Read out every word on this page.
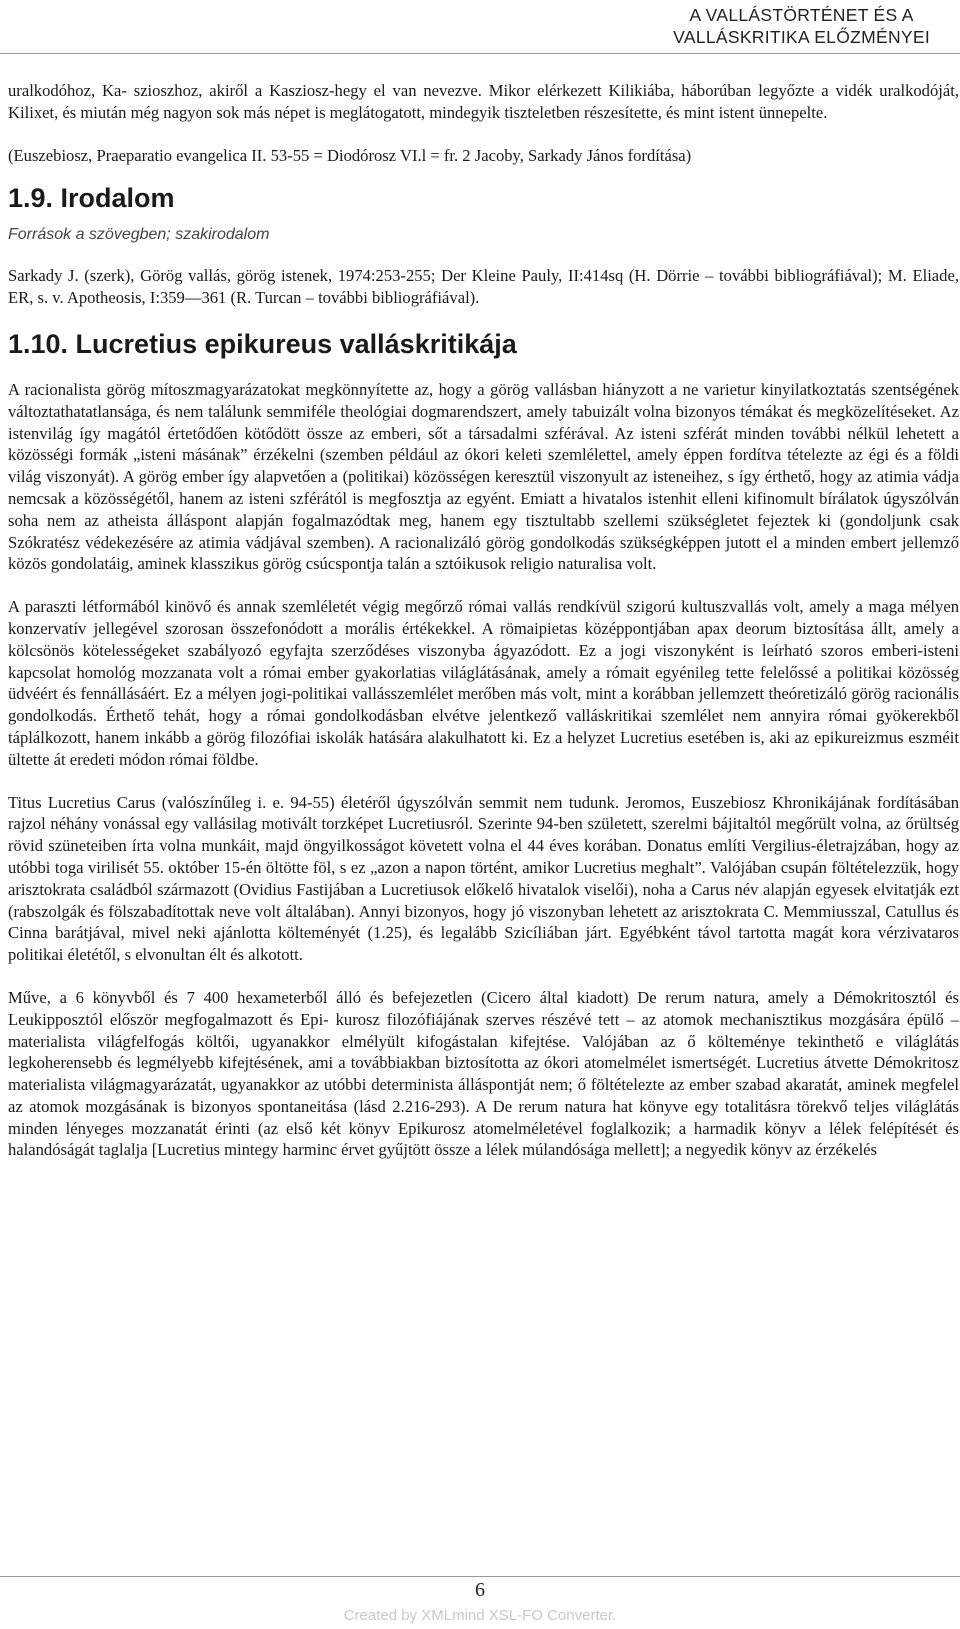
A VALLÁSTÖRTÉNET ÉS A
VALLÁSKRITIKA ELŐZMÉNYEI

uralkodóhoz, Ka- szioszhoz, akiről a Kasziosz-hegy el van nevezve. Mikor elérkezett Kilikiába, háborúban legyőzte a vidék uralkodóját, Kilixet, és miután még nagyon sok más népet is meglátogatott, mindegyik tiszteletben részesítette, és mint istent ünnepelte.

(Euszebiosz, Praeparatio evangelica II. 53-55 = Diodórosz VI.l = fr. 2 Jacoby, Sarkady János fordítása)

1.9. Irodalom
Források a szövegben; szakirodalom

Sarkady J. (szerk), Görög vallás, görög istenek, 1974:253-255; Der Kleine Pauly, II:414sq (H. Dörrie – további bibliográfiával); M. Eliade, ER, s. v. Apotheosis, I:359—361 (R. Turcan – további bibliográfiával).

1.10. Lucretius epikureus valláskritikája

A racionalista görög mítoszmagyarázatokat megkönnyítette az, hogy a görög vallásban hiányzott a ne varietur kinyilatkoztatás szentségének változtathatatlansága, és nem találunk semmiféle theológiai dogmarendszert, amely tabuizált volna bizonyos témákat és megközelítéseket. Az istenvilág így magától értetődően kötődött össze az emberi, sőt a társadalmi szférával. Az isteni szférát minden további nélkül lehetett a közösségi formák „isteni másának” érzékelni (szemben például az ókori keleti szemlélettel, amely éppen fordítva tételezte az égi és a földi világ viszonyát). A görög ember így alapvetően a (politikai) közösségen keresztül viszonyult az isteneihez, s így érthető, hogy az atimia vádja nemcsak a közösségétől, hanem az isteni szférától is megfosztja az egyént. Emiatt a hivatalos istenhit elleni kifinomult bírálatok úgyszólván soha nem az atheista álláspont alapján fogalmazódtak meg, hanem egy tisztultabb szellemi szükségletet fejeztek ki (gondoljunk csak Szókratész védekezésére az atimia vádjával szemben). A racionalizáló görög gondolkodás szükségképpen jutott el a minden embert jellemző közös gondolatáig, aminek klasszikus görög csúcspontja talán a sztóikusok religio naturalisa volt.

A paraszti létformából kinövő és annak szemléletét végig megőrző római vallás rendkívül szigorú kultuszvallás volt, amely a maga mélyen konzervatív jellegével szorosan összefonódott a morális értékekkel. A römaipietas középpontjában apax deorum biztosítása állt, amely a kölcsönös kötelességeket szabályozó egyfajta szerződéses viszonyba ágyazódott. Ez a jogi viszonyként is leírható szoros emberi-isteni kapcsolat homológ mozzanata volt a római ember gyakorlatias világlátásának, amely a rómait egyénileg tette felelőssé a politikai közösség üdvéért és fennállásáért. Ez a mélyen jogi-politikai vallásszemlélet merőben más volt, mint a korábban jellemzett theóretizáló görög racionális gondolkodás. Érthető tehát, hogy a római gondolkodásban elvétve jelentkező valláskritikai szemlélet nem annyira római gyökerekből táplálkozott, hanem inkább a görög filozófiai iskolák hatására alakulhatott ki. Ez a helyzet Lucretius esetében is, aki az epikureizmus eszméit ültette át eredeti módon római földbe.

Titus Lucretius Carus (valószínűleg i. e. 94-55) életéről úgyszólván semmit nem tudunk. Jeromos, Euszebiosz Khronikájának fordításában rajzol néhány vonással egy vallásilag motivált torzképet Lucretiusról. Szerinte 94-ben született, szerelmi bájitaltól megőrült volna, az őrültség rövid szüneteiben írta volna munkáit, majd öngyilkosságot követett volna el 44 éves korában. Donatus említi Vergilius-életrajzában, hogy az utóbbi toga virilisét 55. október 15-én öltötte föl, s ez „azon a napon történt, amikor Lucretius meghalt”. Valójában csupán föltételezzük, hogy arisztokrata családból származott (Ovidius Fastijában a Lucretiusok előkelő hivatalok viselői), noha a Carus név alapján egyesek elvitatják ezt (rabszolgák és fölszabadítottak neve volt általában). Annyi bizonyos, hogy jó viszonyban lehetett az arisztokrata C. Memmiusszal, Catullus és Cinna barátjával, mivel neki ajánlotta költeményét (1.25), és legalább Szicíliában járt. Egyébként távol tartotta magát kora vérzivataros politikai életétől, s elvonultan élt és alkotott.

Műve, a 6 könyvből és 7 400 hexameterből álló és befejezetlen (Cicero által kiadott) De rerum natura, amely a Démokritosztól és Leukipposztól először megfogalmazott és Epi- kurosz filozófiájának szerves részévé tett – az atomok mechanisztikus mozgására épülő – materialista világfelfogás költői, ugyanakkor elmélyült kifogástalan kifejtése. Valójában az ő költeménye tekinthető e világlátás legkoherensebb és legmélyebb kifejtésének, ami a továbbiakban biztosította az ókori atomelmélet ismertségét. Lucretius átvette Démokritosz materialista világmagyarázatát, ugyanakkor az utóbbi determinista álláspontját nem; ő föltételezte az ember szabad akaratát, aminek megfelel az atomok mozgásának is bizonyos spontaneitása (lásd 2.216-293). A De rerum natura hat könyve egy totalitásra törekvő teljes világlátás minden lényeges mozzanatát érinti (az első két könyv Epikurosz atomelméletével foglalkozik; a harmadik könyv a lélek felépítését és halandóságát taglalja [Lucretius mintegy harminc érvet gyűjtött össze a lélek múlandósága mellett]; a negyedik könyv az érzékelés

6
Created by XMLmind XSL-FO Converter.
